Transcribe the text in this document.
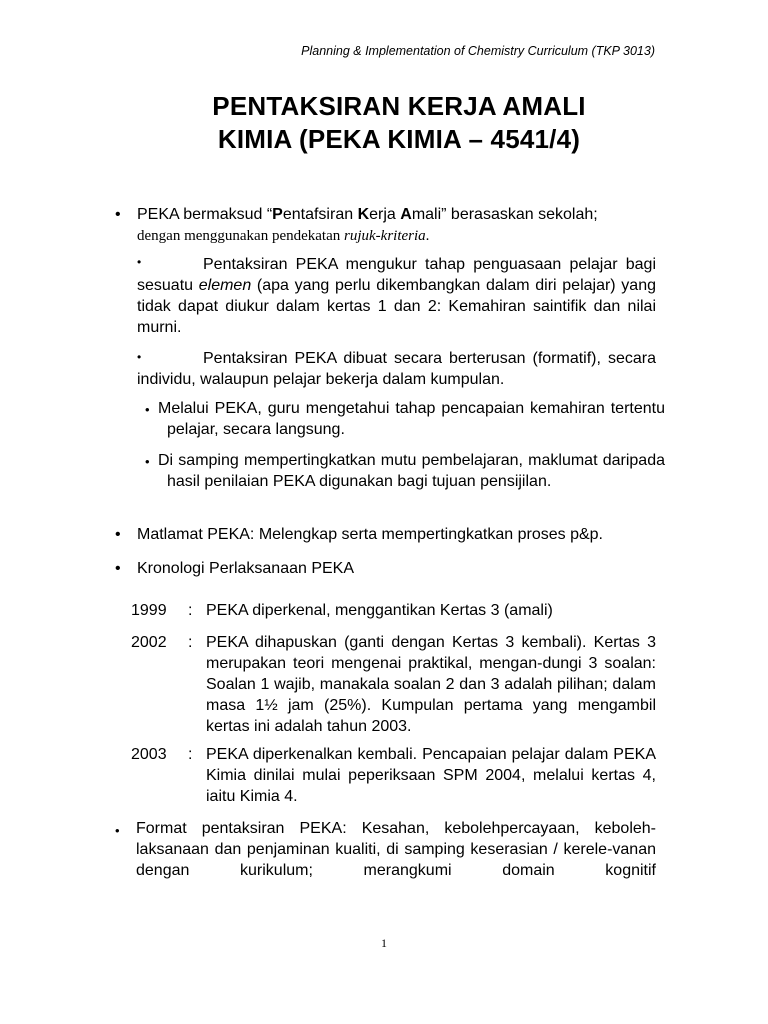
Planning & Implementation of Chemistry Curriculum (TKP 3013)
PENTAKSIRAN KERJA AMALI
KIMIA (PEKA KIMIA – 4541/4)
• PEKA bermaksud “Pentafsiran Kerja Amali” berasaskan sekolah;
dengan menggunakan pendekatan rujuk-kriteria.
•	Pentaksiran PEKA mengukur tahap penguasaan pelajar bagi sesuatu elemen (apa yang perlu dikembangkan dalam diri pelajar) yang tidak dapat diukur dalam kertas 1 dan 2: Kemahiran saintifik dan nilai murni.
•	Pentaksiran PEKA dibuat secara berterusan (formatif), secara individu, walaupun pelajar bekerja dalam kumpulan.
• Melalui PEKA, guru mengetahui tahap pencapaian kemahiran tertentu pelajar, secara langsung.
• Di samping mempertingkatkan mutu pembelajaran, maklumat daripada hasil penilaian PEKA digunakan bagi tujuan pensijilan.
• Matlamat PEKA: Melengkap serta mempertingkatkan proses p&p.
• Kronologi Perlaksanaan PEKA
1999 : PEKA diperkenal, menggantikan Kertas 3 (amali)
2002 : PEKA dihapuskan (ganti dengan Kertas 3 kembali). Kertas 3 merupakan teori mengenai praktikal, mengan-dungi 3 soalan: Soalan 1 wajib, manakala soalan 2 dan 3 adalah pilihan; dalam masa 1½ jam (25%). Kumpulan pertama yang mengambil kertas ini adalah tahun 2003.
2003 : PEKA diperkenalkan kembali. Pencapaian pelajar dalam PEKA Kimia dinilai mulai peperiksaan SPM 2004, melalui kertas 4, iaitu Kimia 4.
• Format pentaksiran PEKA: Kesahan, kebolehpercayaan, keboleh-laksanaan dan penjaminan kualiti, di samping keserasian / kerele-vanan dengan kurikulum; merangkumi domain kognitif
1
